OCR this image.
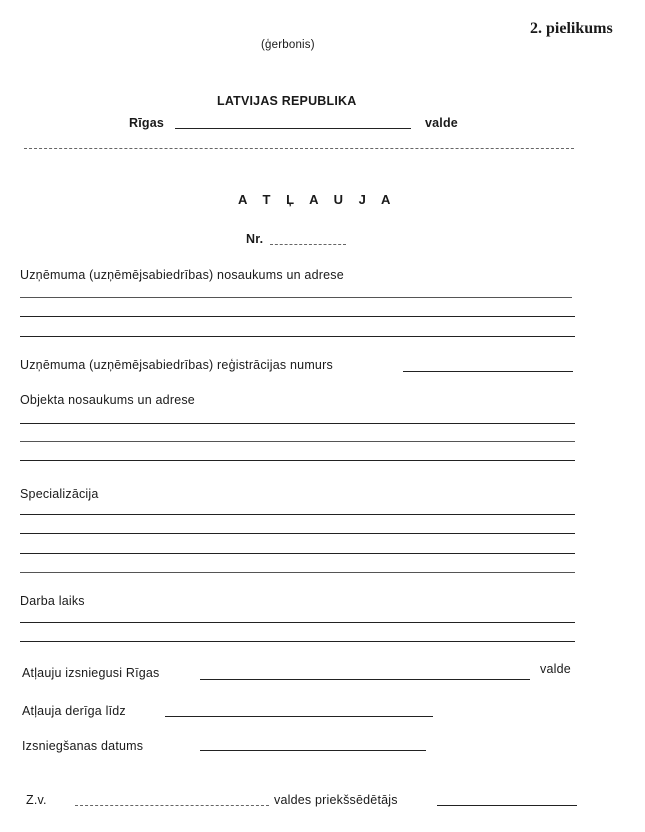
2. pielikums
(ģerbonis)
LATVIJAS REPUBLIKA
Rīgas	valde
A T Ļ A U J A
Nr.
Uzņēmuma (uzņēmējsabiedrības) nosaukums un adrese
Uzņēmuma (uzņēmējsabiedrības) reģistrācijas numurs
Objekta nosaukums un adrese
Specializācija
Darba laiks
Atļauju izsniegusi Rīgas	valde
Atļauja derīga līdz
Izsniegšanas datums
Z.v.	valdes priekšsēdētājs
